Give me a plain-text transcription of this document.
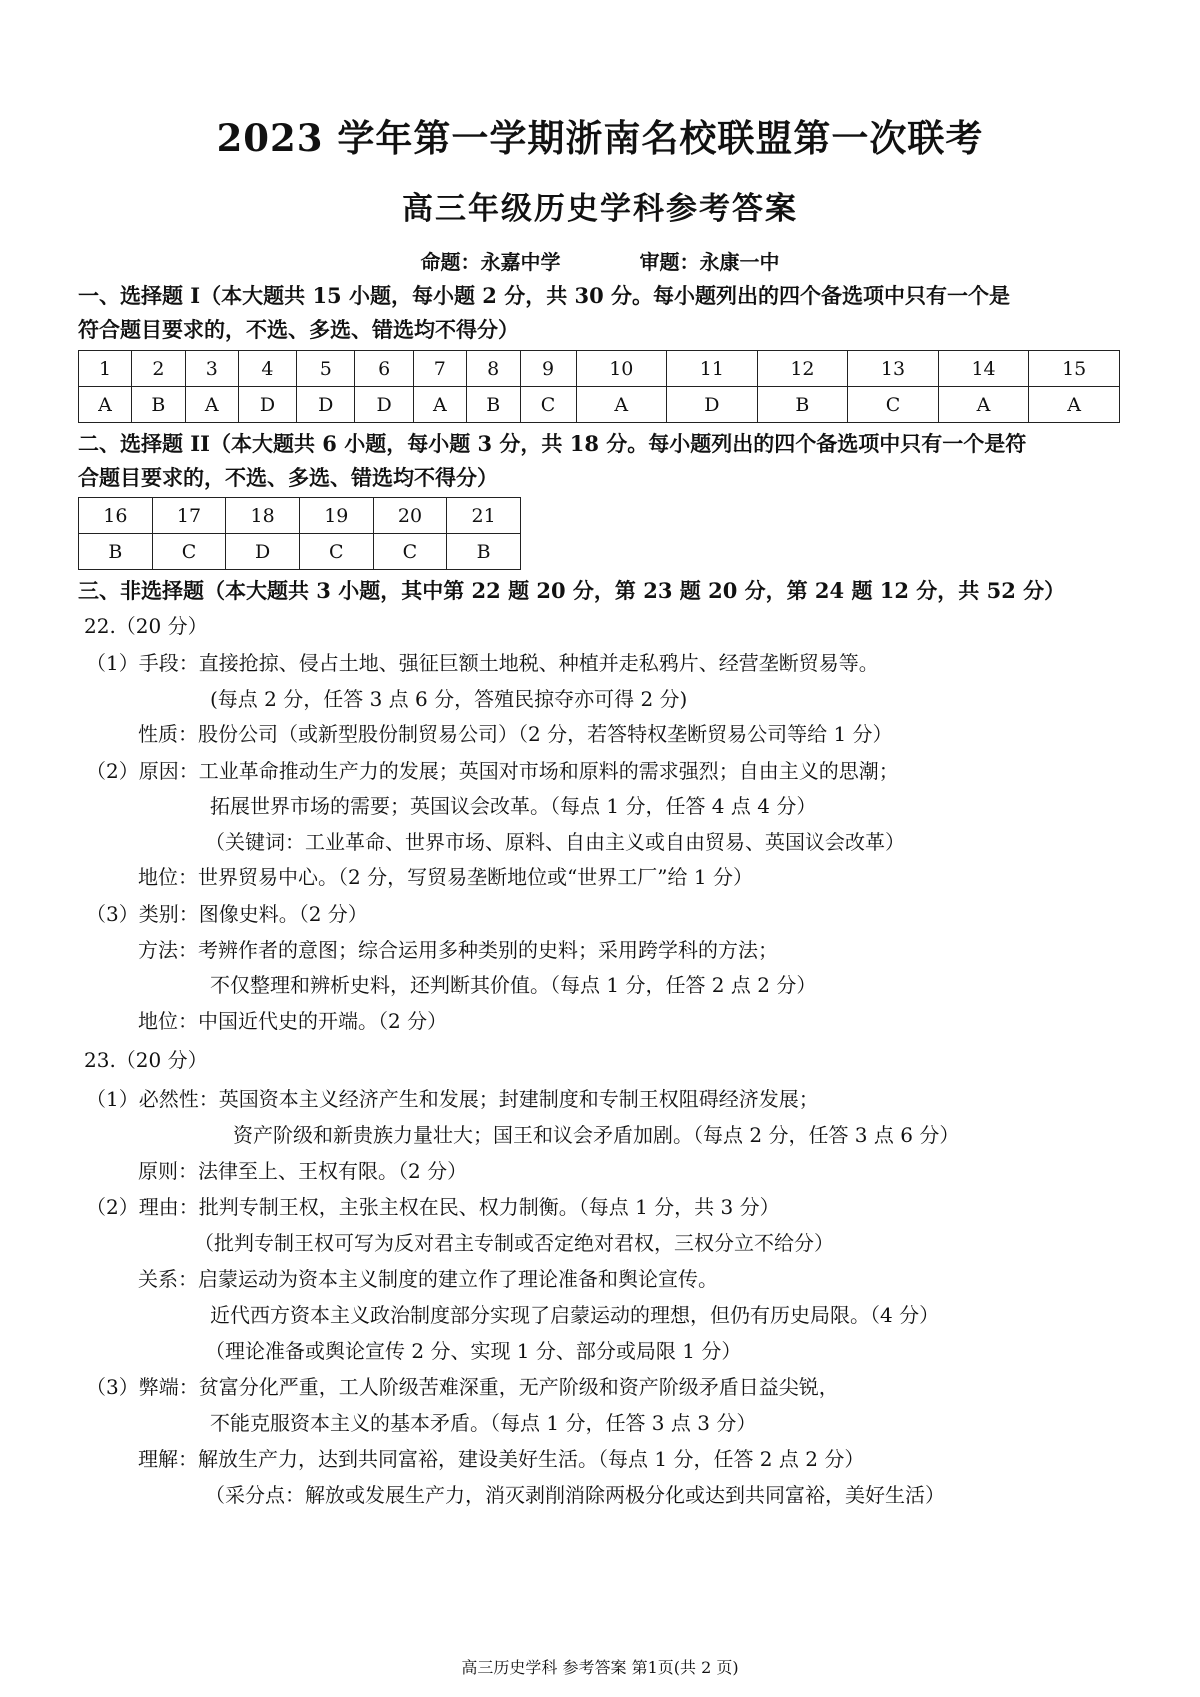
2023 学年第一学期浙南名校联盟第一次联考
高三年级历史学科参考答案
命题：永嘉中学	审题：永康一中
一、选择题 I（本大题共 15 小题，每小题 2 分，共 30 分。每小题列出的四个备选项中只有一个是
符合题目要求的，不选、多选、错选均不得分）
1	2	3	4	5	6	7	8	9	10	11	12	13	14	15
A	B	A	D	D	D	A	B	C	A	D	B	C	A	A
二、选择题 II（本大题共 6 小题，每小题 3 分，共 18 分。每小题列出的四个备选项中只有一个是符
合题目要求的，不选、多选、错选均不得分）
16	17	18	19	20	21
B	C	D	C	C	B
三、非选择题（本大题共 3 小题，其中第 22 题 20 分，第 23 题 20 分，第 24 题 12 分，共 52 分）
22.（20 分）
（1）手段：直接抢掠、侵占土地、强征巨额土地税、种植并走私鸦片、经营垄断贸易等。
(每点 2 分，任答 3 点 6 分，答殖民掠夺亦可得 2 分)
性质：股份公司（或新型股份制贸易公司）（2 分，若答特权垄断贸易公司等给 1 分）
（2）原因：工业革命推动生产力的发展；英国对市场和原料的需求强烈；自由主义的思潮；
拓展世界市场的需要；英国议会改革。（每点 1 分，任答 4 点 4 分）
（关键词：工业革命、世界市场、原料、自由主义或自由贸易、英国议会改革）
地位：世界贸易中心。（2 分，写贸易垄断地位或“世界工厂”给 1 分）
（3）类别：图像史料。（2 分）
方法：考辨作者的意图；综合运用多种类别的史料；采用跨学科的方法；
不仅整理和辨析史料，还判断其价值。（每点 1 分，任答 2 点 2 分）
地位：中国近代史的开端。（2 分）
23.（20 分）
（1）必然性：英国资本主义经济产生和发展；封建制度和专制王权阻碍经济发展；
资产阶级和新贵族力量壮大；国王和议会矛盾加剧。（每点 2 分，任答 3 点 6 分）
原则：法律至上、王权有限。（2 分）
（2）理由：批判专制王权，主张主权在民、权力制衡。（每点 1 分，共 3 分）
（批判专制王权可写为反对君主专制或否定绝对君权，三权分立不给分）
关系：启蒙运动为资本主义制度的建立作了理论准备和舆论宣传。
近代西方资本主义政治制度部分实现了启蒙运动的理想，但仍有历史局限。（4 分）
（理论准备或舆论宣传 2 分、实现 1 分、部分或局限 1 分）
（3）弊端：贫富分化严重，工人阶级苦难深重，无产阶级和资产阶级矛盾日益尖锐，
不能克服资本主义的基本矛盾。（每点 1 分，任答 3 点 3 分）
理解：解放生产力，达到共同富裕，建设美好生活。（每点 1 分，任答 2 点 2 分）
（采分点：解放或发展生产力，消灭剥削消除两极分化或达到共同富裕，美好生活）
高三历史学科 参考答案 第1页(共 2 页)
